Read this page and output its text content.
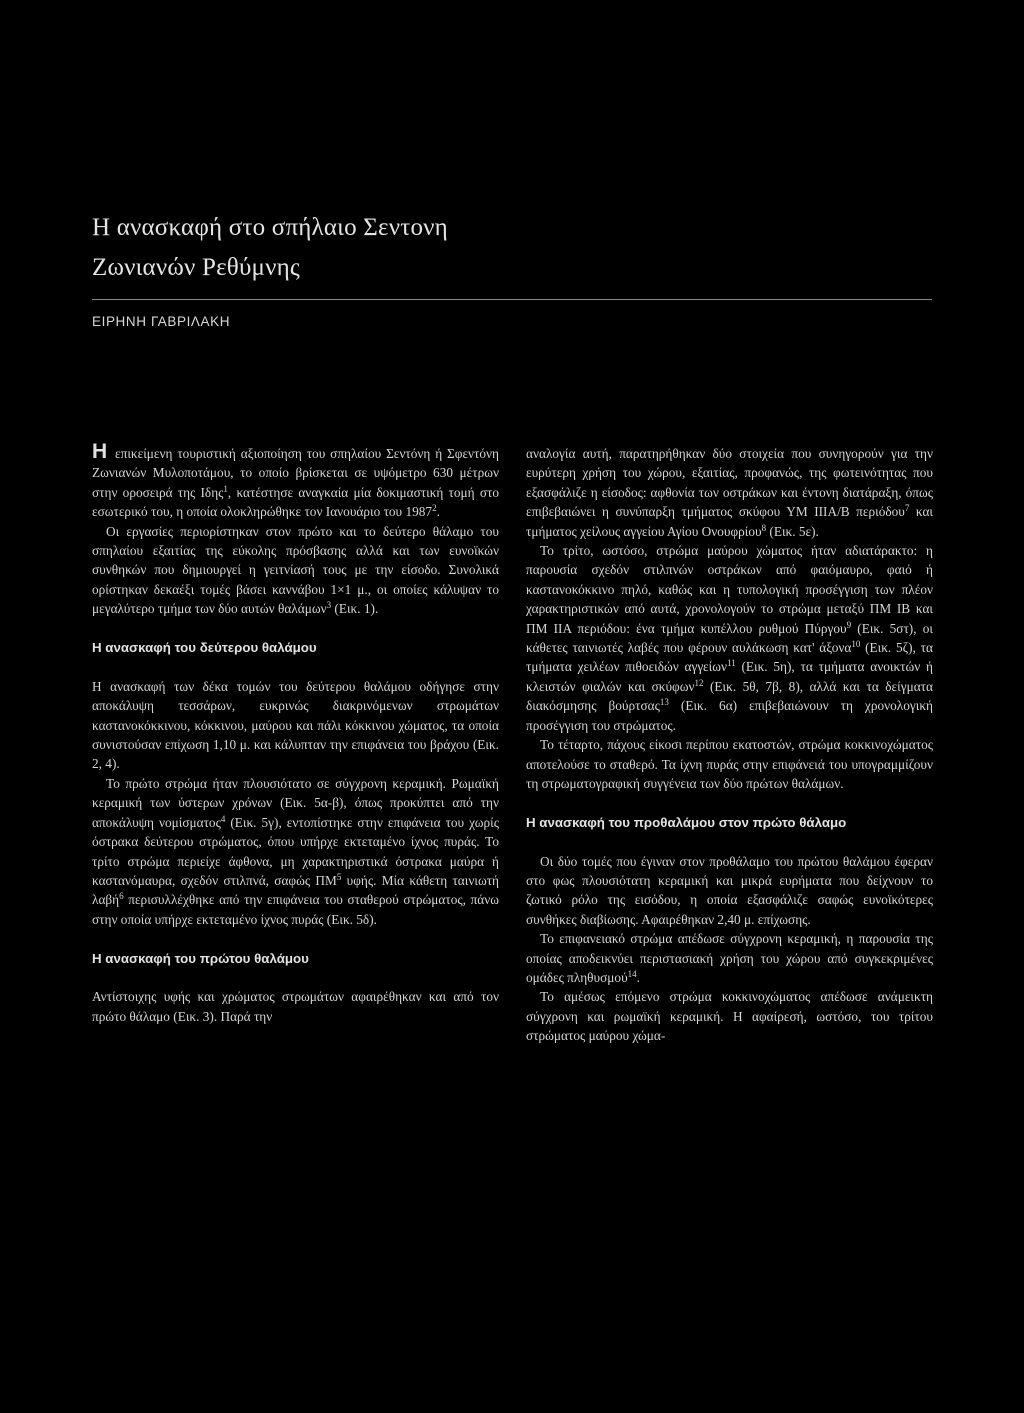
Η ανασκαφή στο σπήλαιο Σεντονη
Ζωνιανών Ρεθύμνης
ΕΙΡΗΝΗ ΓΑΒΡΙΛΑΚΗ

Η επικείμενη τουριστική αξιοποίηση του σπηλαίου Σεντόνη ή Σφεντόνη Ζωνιανών Μυλοποτάμου, το οποίο βρίσκεται σε υψόμετρο 630 μέτρων στην οροσειρά της Ιδης$^1$, κατέστησε αναγκαία μία δοκιμαστική τομή στο εσωτερικό του, η οποία ολοκληρώθηκε τον Ιανουάριο του 1987$^2$.

Οι εργασίες περιορίστηκαν στον πρώτο και το δεύτερο θάλαμο του σπηλαίου εξαιτίας της εύκολης πρόσβασης αλλά και των ευνοϊκών συνθηκών που δημιουργεί η γειτνίασή τους με την είσοδο. Συνολικά ορίστηκαν δεκαέξι τομές βάσει καννάβου 1×1 μ., οι οποίες κάλυψαν το μεγαλύτερο τμήμα των δύο αυτών θαλάμων$^3$ (Εικ. 1).

Η ανασκαφή του δεύτερου θαλάμου

Η ανασκαφή των δέκα τομών του δεύτερου θαλάμου οδήγησε στην αποκάλυψη τεσσάρων, ευκρινώς διακρινόμενων στρωμάτων καστανοκόκκινου, κόκκινου, μαύρου και πάλι κόκκινου χώματος, τα οποία συνιστούσαν επίχωση 1,10 μ. και κάλυπταν την επιφάνεια του βράχου (Εικ. 2, 4).

Το πρώτο στρώμα ήταν πλουσιότατο σε σύγχρονη κεραμική. Ρωμαϊκή κεραμική των ύστερων χρόνων (Εικ. 5α-β), όπως προκύπτει από την αποκάλυψη νομίσματος$^4$ (Εικ. 5γ), εντοπίστηκε στην επιφάνεια του χωρίς όστρακα δεύτερου στρώματος, όπου υπήρχε εκτεταμένο ίχνος πυράς. Το τρίτο στρώμα περιείχε άφθονα, μη χαρακτηριστικά όστρακα μαύρα ή καστανόμαυρα, σχεδόν στιλπνά, σαφώς $\Pi M^5$ υφής. Μία κάθετη ταινιωτή λαβή$^6$ περισυλλέχθηκε από την επιφάνεια του σταθερού στρώματος, πάνω στην οποία υπήρχε εκτεταμένο ίχνος πυράς (Εικ. 5δ).

Η ανασκαφή του πρώτου θαλάμου

Αντίστοιχης υφής και χρώματος στρωμάτων αφαιρέθηκαν και από τον πρώτο θάλαμο (Εικ. 3). Παρά την

αναλογία αυτή, παρατηρήθηκαν δύο στοιχεία που συνηγορούν για την ευρύτερη χρήση του χώρου, εξαιτίας, προφανώς, της φωτεινότητας που εξασφάλιζε η είσοδος: αφθονία των οστράκων και έντονη διατάραξη, όπως επιβεβαιώνει η συνύπαρξη τμήματος σκύφου ΥΜ ΙΙΙΑ/Β περιόδου$^7$ και τμήματος χείλους αγγείου Αγίου Ονουφρίου$^8$ (Εικ. 5ε).

Το τρίτο, ωστόσο, στρώμα μαύρου χώματος ήταν αδιατάρακτο: η παρουσία σχεδόν στιλπνών οστράκων από φαιόμαυρο, φαιό ή καστανοκόκκινο πηλό, καθώς και η τυπολογική προσέγγιση των πλέον χαρακτηριστικών από αυτά, χρονολογούν το στρώμα μεταξύ ΠΜ ΙΒ και ΠΜ ΙΙΑ περιόδου: ένα τμήμα κυπέλλου ρυθμού Πύργου$^9$ (Εικ. 5στ), οι κάθετες ταινιωτές λαβές που φέρουν αυλάκωση κατ' άξονα$^{10}$ (Εικ. 5ζ), τα τμήματα χειλέων πιθοειδών αγγείων$^{11}$ (Εικ. 5η), τα τμήματα ανοικτών ή κλειστών φιαλών και σκύφων$^{12}$ (Εικ. 5θ, 7β, 8), αλλά και τα δείγματα διακόσμησης βούρτσας$^{13}$ (Εικ. 6α) επιβεβαιώνουν τη χρονολογική προσέγγιση του στρώματος.

Το τέταρτο, πάχους είκοσι περίπου εκατοστών, στρώμα κοκκινοχώματος αποτελούσε το σταθερό. Τα ίχνη πυράς στην επιφάνειά του υπογραμμίζουν τη στρωματογραφική συγγένεια των δύο πρώτων θαλάμων.

Η ανασκαφή του προθαλάμου στον πρώτο θάλαμο

Οι δύο τομές που έγιναν στον προθάλαμο του πρώτου θαλάμου έφεραν στο φως πλουσιότατη κεραμική και μικρά ευρήματα που δείχνουν το ζωτικό ρόλο της εισόδου, η οποία εξασφάλιζε σαφώς ευνοϊκότερες συνθήκες διαβίωσης. Αφαιρέθηκαν 2,40 μ. επίχωσης.

Το επιφανειακό στρώμα απέδωσε σύγχρονη κεραμική, η παρουσία της οποίας αποδεικνύει περιστασιακή χρήση του χώρου από συγκεκριμένες ομάδες πληθυσμού$^{14}$.

Το αμέσως επόμενο στρώμα κοκκινοχώματος απέδωσε ανάμεικτη σύγχρονη και ρωμαϊκή κεραμική. Η αφαίρεσή, ωστόσο, του τρίτου στρώματος μαύρου χώμα-
